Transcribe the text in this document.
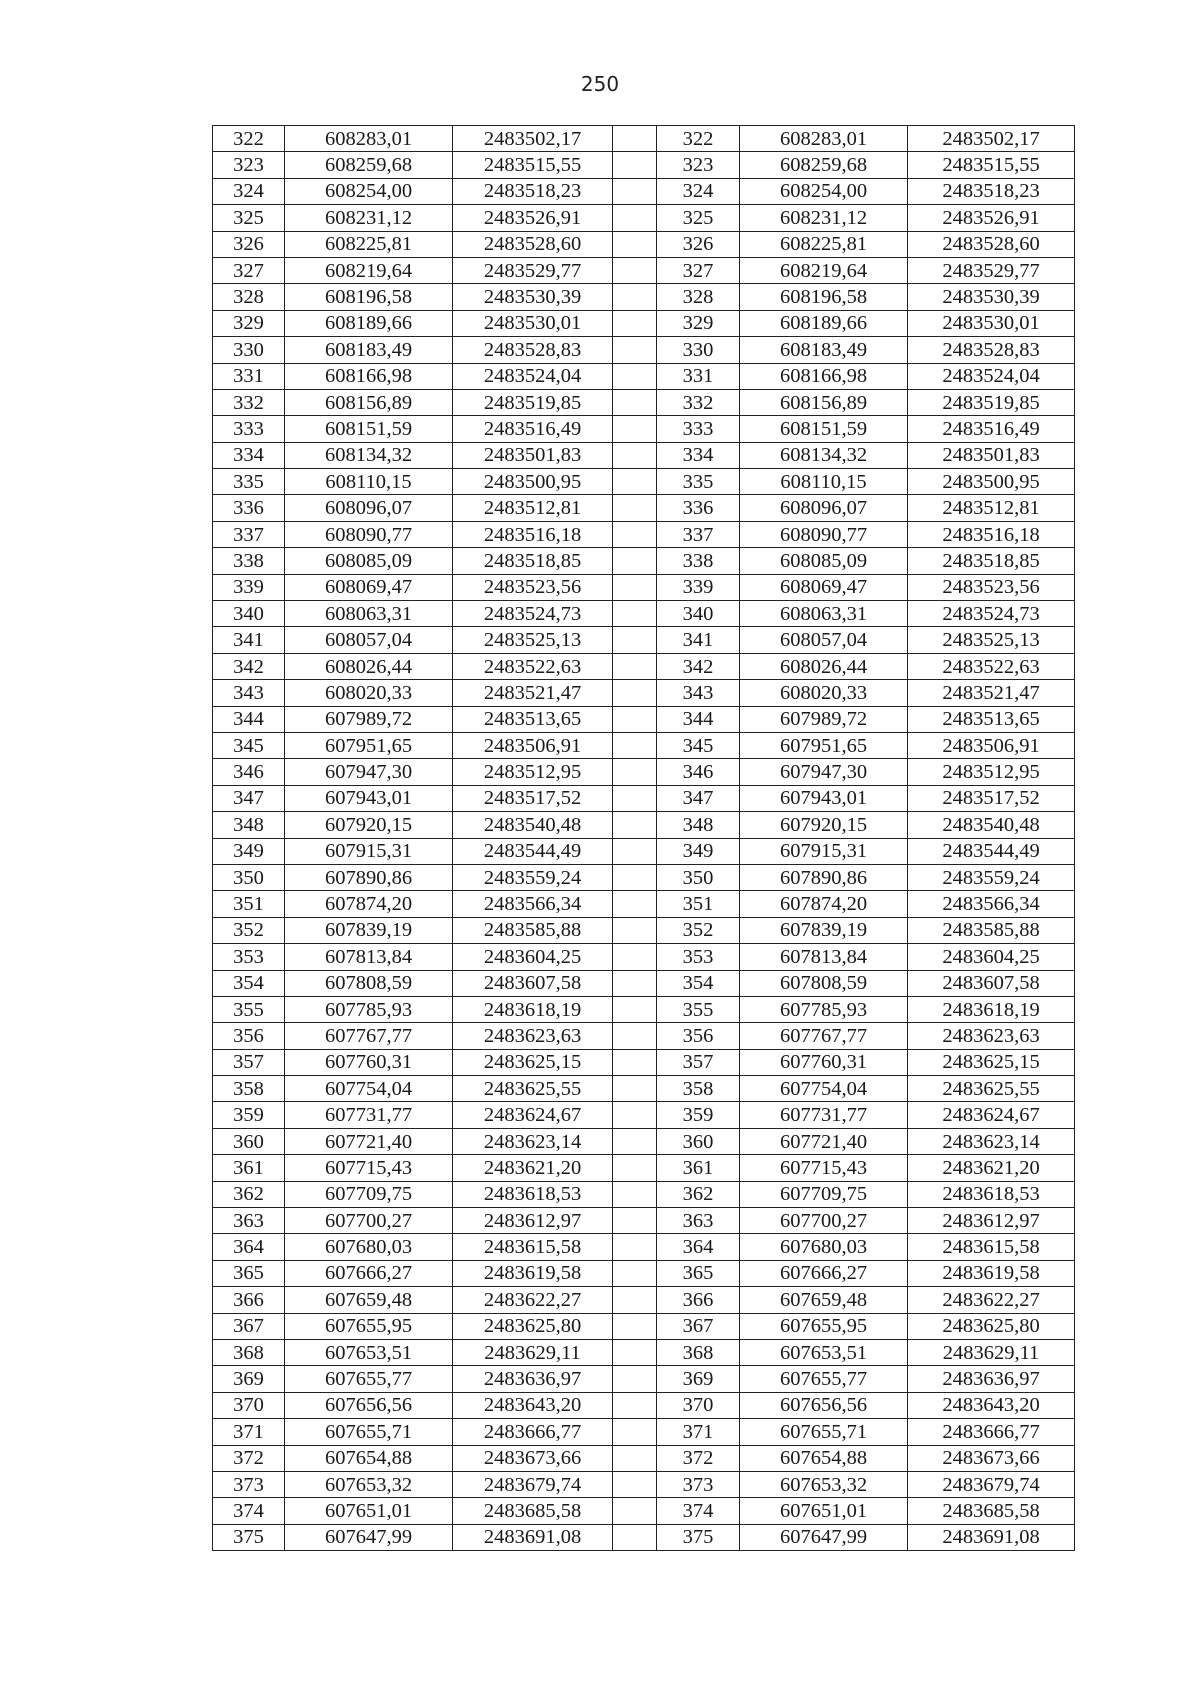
250
322	608283,01	2483502,17		322	608283,01	2483502,17
323	608259,68	2483515,55		323	608259,68	2483515,55
324	608254,00	2483518,23		324	608254,00	2483518,23
325	608231,12	2483526,91		325	608231,12	2483526,91
326	608225,81	2483528,60		326	608225,81	2483528,60
327	608219,64	2483529,77		327	608219,64	2483529,77
328	608196,58	2483530,39		328	608196,58	2483530,39
329	608189,66	2483530,01		329	608189,66	2483530,01
330	608183,49	2483528,83		330	608183,49	2483528,83
331	608166,98	2483524,04		331	608166,98	2483524,04
332	608156,89	2483519,85		332	608156,89	2483519,85
333	608151,59	2483516,49		333	608151,59	2483516,49
334	608134,32	2483501,83		334	608134,32	2483501,83
335	608110,15	2483500,95		335	608110,15	2483500,95
336	608096,07	2483512,81		336	608096,07	2483512,81
337	608090,77	2483516,18		337	608090,77	2483516,18
338	608085,09	2483518,85		338	608085,09	2483518,85
339	608069,47	2483523,56		339	608069,47	2483523,56
340	608063,31	2483524,73		340	608063,31	2483524,73
341	608057,04	2483525,13		341	608057,04	2483525,13
342	608026,44	2483522,63		342	608026,44	2483522,63
343	608020,33	2483521,47		343	608020,33	2483521,47
344	607989,72	2483513,65		344	607989,72	2483513,65
345	607951,65	2483506,91		345	607951,65	2483506,91
346	607947,30	2483512,95		346	607947,30	2483512,95
347	607943,01	2483517,52		347	607943,01	2483517,52
348	607920,15	2483540,48		348	607920,15	2483540,48
349	607915,31	2483544,49		349	607915,31	2483544,49
350	607890,86	2483559,24		350	607890,86	2483559,24
351	607874,20	2483566,34		351	607874,20	2483566,34
352	607839,19	2483585,88		352	607839,19	2483585,88
353	607813,84	2483604,25		353	607813,84	2483604,25
354	607808,59	2483607,58		354	607808,59	2483607,58
355	607785,93	2483618,19		355	607785,93	2483618,19
356	607767,77	2483623,63		356	607767,77	2483623,63
357	607760,31	2483625,15		357	607760,31	2483625,15
358	607754,04	2483625,55		358	607754,04	2483625,55
359	607731,77	2483624,67		359	607731,77	2483624,67
360	607721,40	2483623,14		360	607721,40	2483623,14
361	607715,43	2483621,20		361	607715,43	2483621,20
362	607709,75	2483618,53		362	607709,75	2483618,53
363	607700,27	2483612,97		363	607700,27	2483612,97
364	607680,03	2483615,58		364	607680,03	2483615,58
365	607666,27	2483619,58		365	607666,27	2483619,58
366	607659,48	2483622,27		366	607659,48	2483622,27
367	607655,95	2483625,80		367	607655,95	2483625,80
368	607653,51	2483629,11		368	607653,51	2483629,11
369	607655,77	2483636,97		369	607655,77	2483636,97
370	607656,56	2483643,20		370	607656,56	2483643,20
371	607655,71	2483666,77		371	607655,71	2483666,77
372	607654,88	2483673,66		372	607654,88	2483673,66
373	607653,32	2483679,74		373	607653,32	2483679,74
374	607651,01	2483685,58		374	607651,01	2483685,58
375	607647,99	2483691,08		375	607647,99	2483691,08
